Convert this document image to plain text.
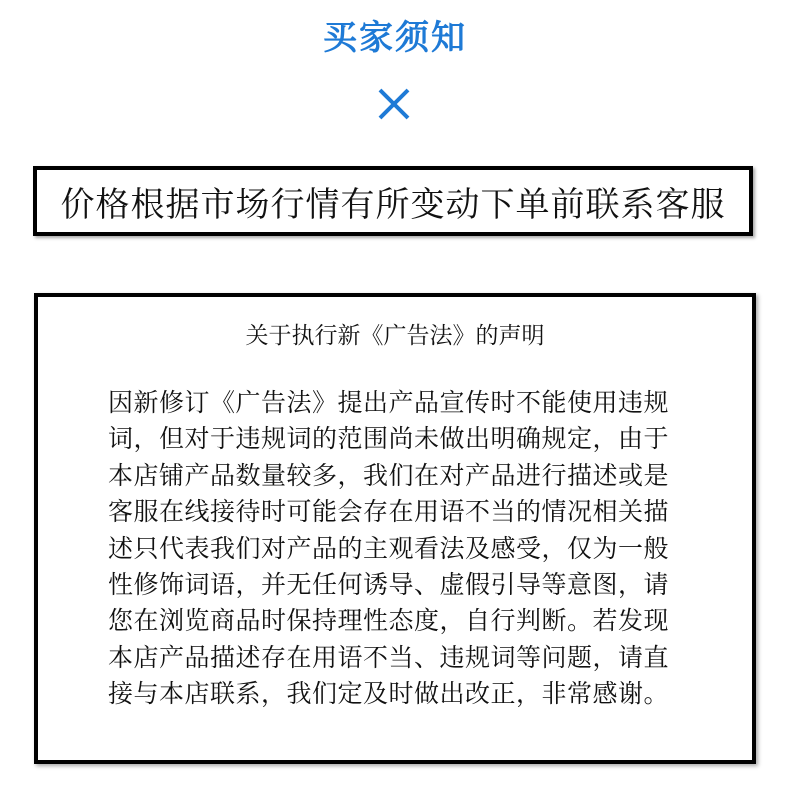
买家须知
价格根据市场行情有所变动下单前联系客服
关于执行新《广告法》的声明
因新修订《广告法》提出产品宣传时不能使用违规
词，但对于违规词的范围尚未做出明确规定，由于
本店铺产品数量较多，我们在对产品进行描述或是
客服在线接待时可能会存在用语不当的情况相关描
述只代表我们对产品的主观看法及感受，仅为一般
性修饰词语，并无任何诱导、虚假引导等意图，请
您在浏览商品时保持理性态度，自行判断。若发现
本店产品描述存在用语不当、违规词等问题，请直
接与本店联系，我们定及时做出改正，非常感谢。
